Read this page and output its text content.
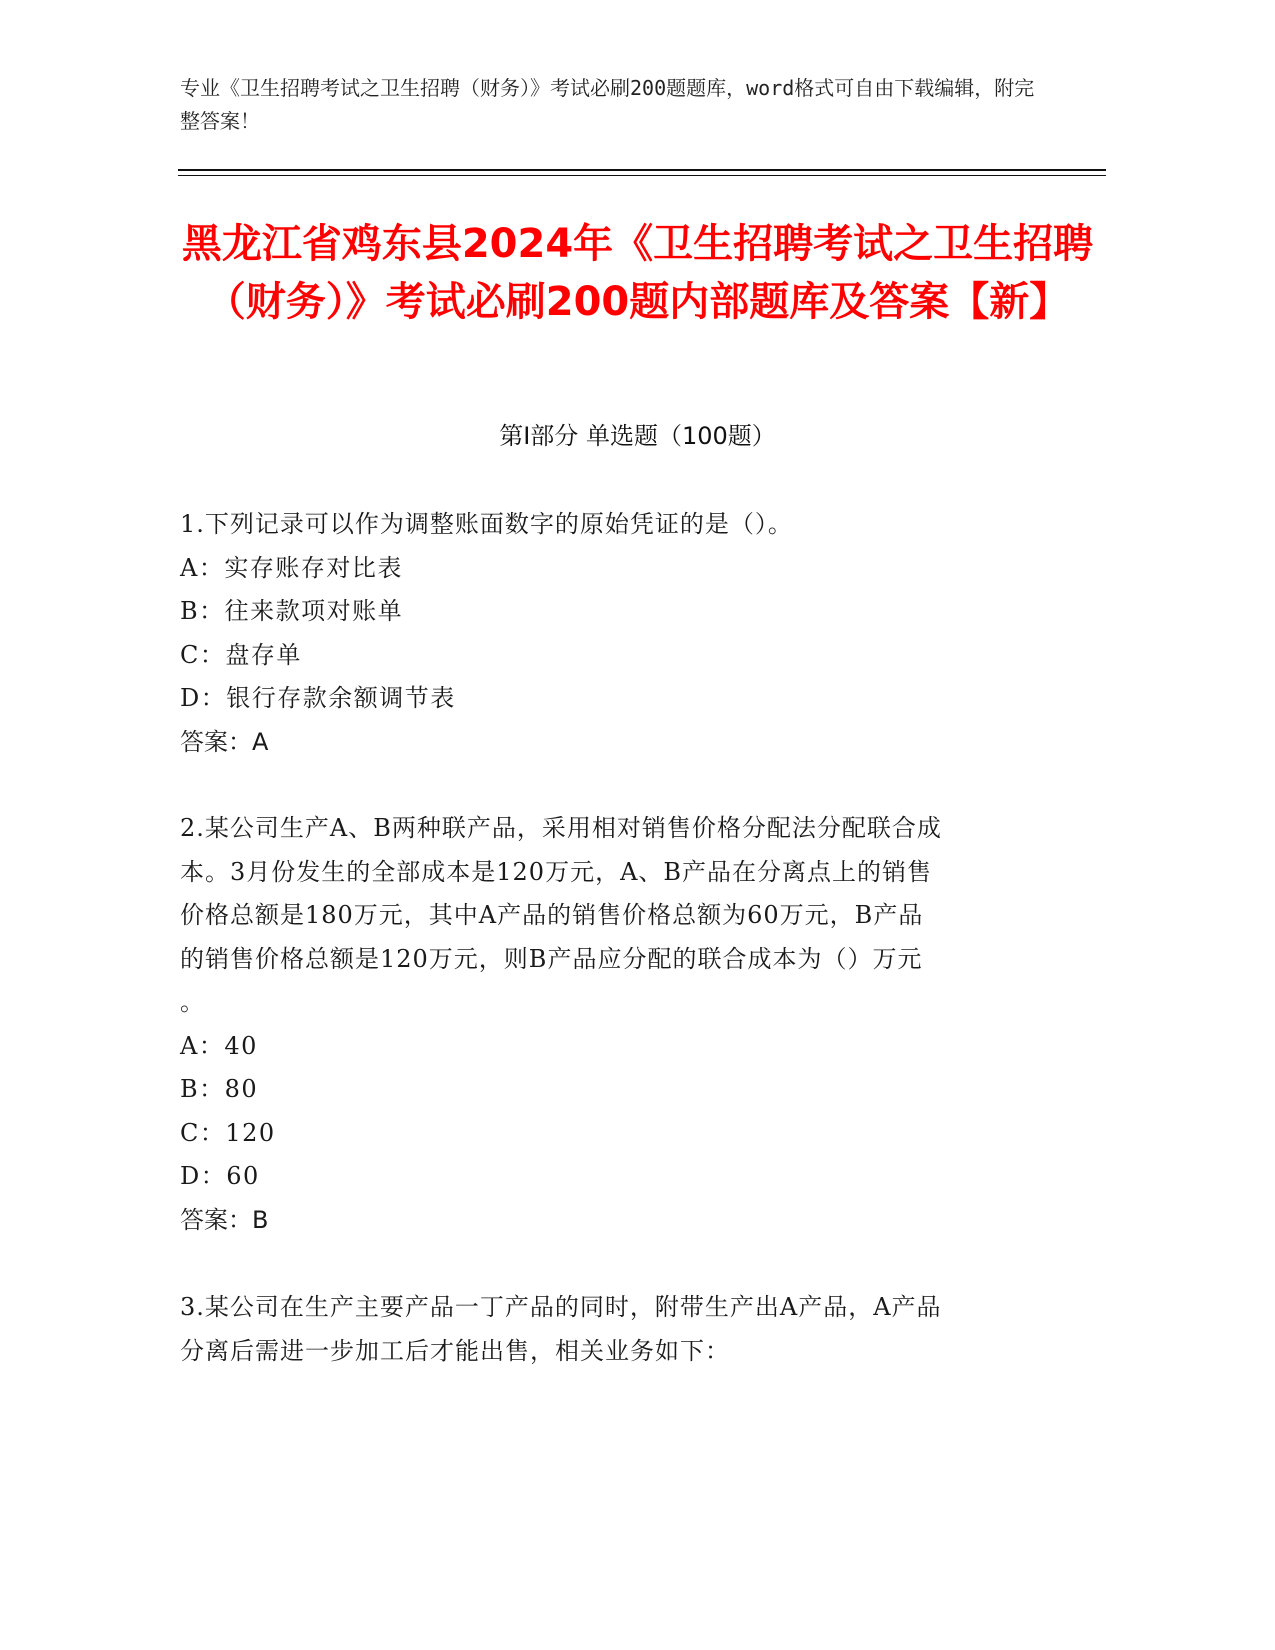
专业《卫生招聘考试之卫生招聘（财务）》考试必刷200题题库，word格式可自由下载编辑，附完整答案！
黑龙江省鸡东县2024年《卫生招聘考试之卫生招聘（财务）》考试必刷200题内部题库及答案【新】
第Ⅰ部分 单选题（100题）
1.下列记录可以作为调整账面数字的原始凭证的是（）。
A：实存账存对比表
B：往来款项对账单
C：盘存单
D：银行存款余额调节表
答案：A
2.某公司生产A、B两种联产品，采用相对销售价格分配法分配联合成
本。3月份发生的全部成本是120万元，A、B产品在分离点上的销售
价格总额是180万元，其中A产品的销售价格总额为60万元，B产品
的销售价格总额是120万元，则B产品应分配的联合成本为（）万元
。
A：40
B：80
C：120
D：60
答案：B
3.某公司在生产主要产品一丁产品的同时，附带生产出A产品，A产品
分离后需进一步加工后才能出售，相关业务如下：
